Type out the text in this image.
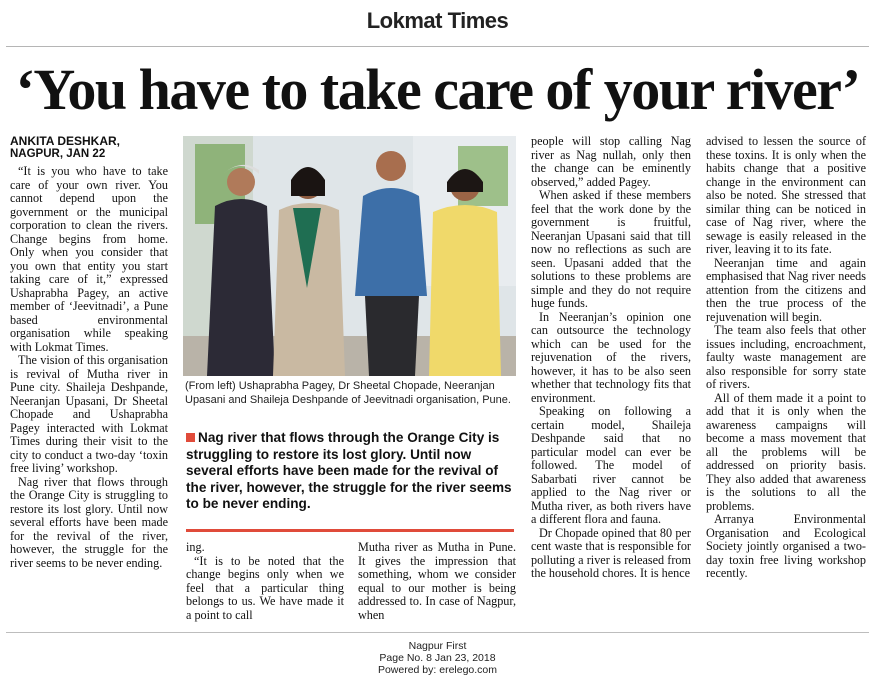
Lokmat Times
‘You have to take care of your river’
ANKITA DESHKAR,
NAGPUR, JAN 22

“It is you who have to take care of your own river. You cannot depend upon the government or the municipal corporation to clean the rivers. Change begins from home. Only when you consider that you own that entity you start taking care of it,” expressed Ushaprabha Pagey, an active member of ‘Jeevitnadi’, a Pune based environmental organisation while speaking with Lokmat Times.

The vision of this organisation is revival of Mutha river in Pune city. Shaileja Deshpande, Neeranjan Upasani, Dr Sheetal Chopade and Ushaprabha Pagey interacted with Lokmat Times during their visit to the city to conduct a two-day ‘toxin free living’ workshop.

Nag river that flows through the Orange City is struggling to restore its lost glory. Until now several efforts have been made for the revival of the river, however, the struggle for the river seems to be never ending.

(From left) Ushaprabha Pagey, Dr Sheetal Chopade, Neeranjan Upasani and Shaileja Deshpande of Jeevitnadi organisation, Pune.
Nag river that flows through the Orange City is struggling to restore its lost glory. Until now several efforts have been made for the revival of the river, however, the struggle for the river seems to be never ending.

ing.

“It is to be noted that the change begins only when we feel that a particular thing belongs to us. We have made it a point to call

Mutha river as Mutha in Pune. It gives the impression that something, whom we consider equal to our mother is being addressed to. In case of Nagpur, when

people will stop calling Nag river as Nag nullah, only then the change can be eminently observed,” added Pagey.

When asked if these members feel that the work done by the government is fruitful, Neeranjan Upasani said that till now no reflections as such are seen. Upasani added that the solutions to these problems are simple and they do not require huge funds.

In Neeranjan’s opinion one can outsource the technology which can be used for the rejuvenation of the rivers, however, it has to be also seen whether that technology fits that environment.

Speaking on following a certain model, Shaileja Deshpande said that no particular model can ever be followed. The model of Sabarbati river cannot be applied to the Nag river or Mutha river, as both rivers have a different flora and fauna.

Dr Chopade opined that 80 per cent waste that is responsible for polluting a river is released from the household chores. It is hence

advised to lessen the source of these toxins. It is only when the habits change that a positive change in the environment can also be noted. She stressed that similar thing can be noticed in case of Nag river, where the sewage is easily released in the river, leaving it to its fate.

Neeranjan time and again emphasised that Nag river needs attention from the citizens and then the true process of the rejuvenation will begin.

The team also feels that other issues including, encroachment, faulty waste management are also responsible for sorry state of rivers.

All of them made it a point to add that it is only when the awareness campaigns will become a mass movement that all the problems will be addressed on priority basis. They also added that awareness is the solutions to all the problems.

Arranya Environmental Organisation and Ecological Society jointly organised a two-day toxin free living workshop recently.

Nagpur First
Page No. 8 Jan 23, 2018
Powered by: erelego.com
